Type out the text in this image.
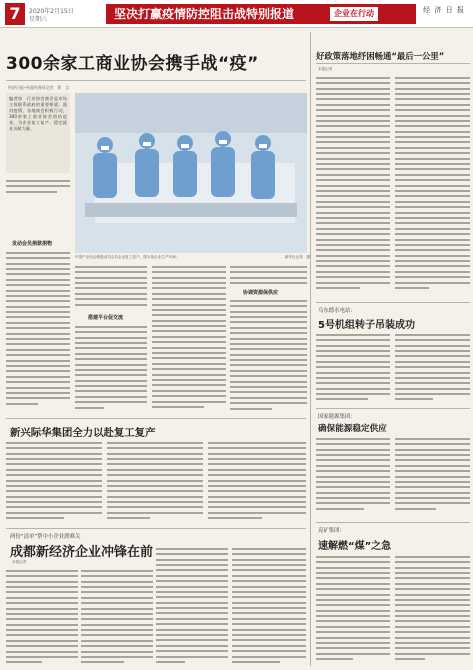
7	2020年2月15日
星期六	坚决打赢疫情防控阻击战特别报道	企业在行动	经 济 日 报
300余家工商业协会携手战“疫”
经济日报·中国经济网记者　郭　言
编者按　行业协会商会是市场主体联系政府的重要桥梁。面对疫情，各地商会积极行动，300余家工商业协会团结起来，为企业复工复产、稳定就业贡献力量。
中国产业协会积极动员会员企业复工复产。图为某企业生产车间。	新华社记者　摄
发动会员捐款捐物
搭建平台促交流
协调资源保供应
好政策落地纾困畅通“最后一公里”
本报记者
乌东德水电站：
5号机组转子吊装成功
国家能源集团：
确保能源稳定供应
兖矿集团：
速解燃“煤”之急
新兴际华集团全力以赴复工复产
两份“清单”帮中小企业渡难关
成都新经济企业冲锋在前
本报记者
